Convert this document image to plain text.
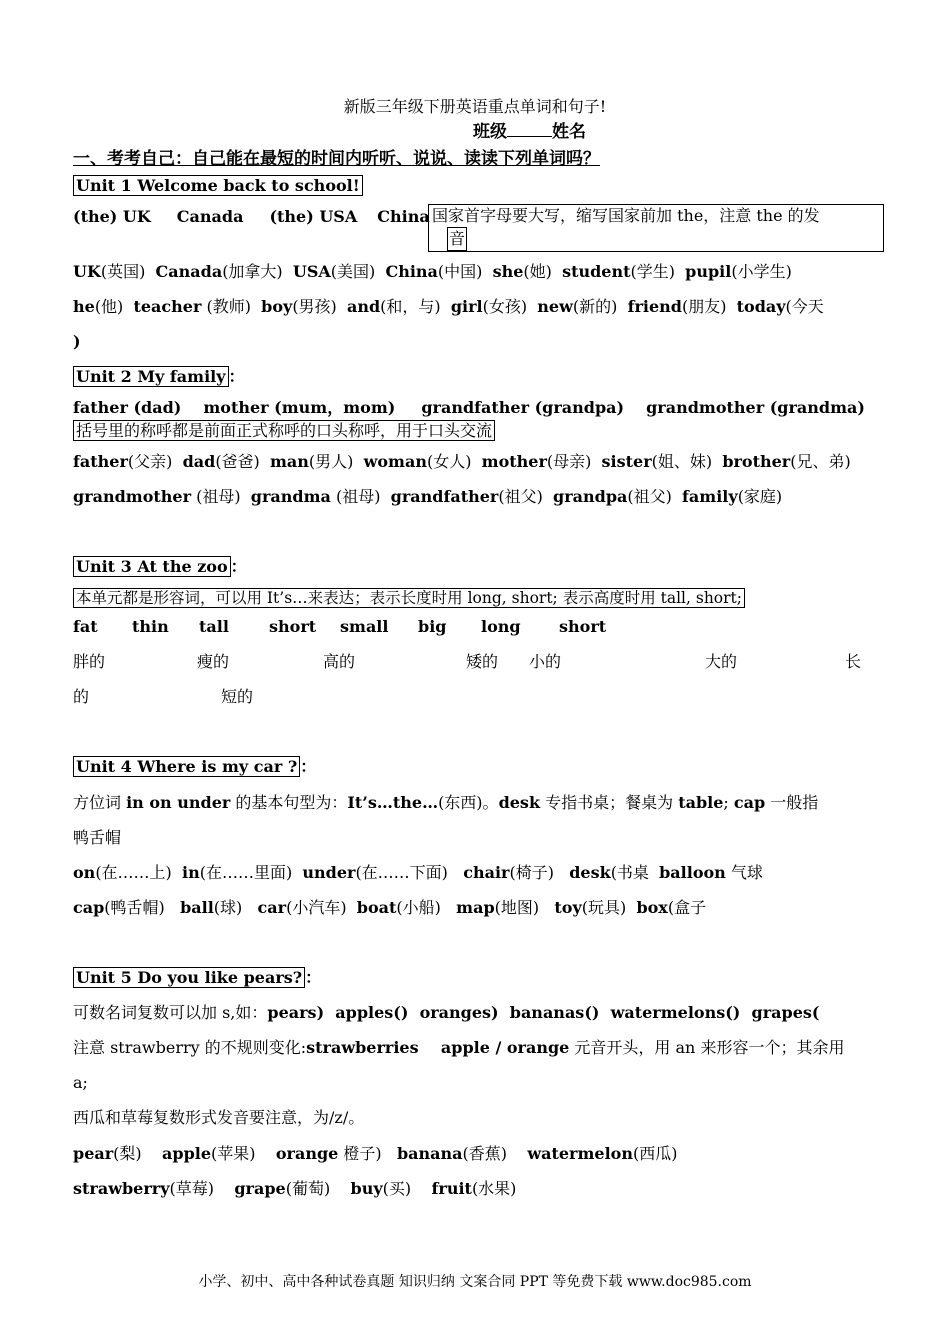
新版三年级下册英语重点单词和句子!
班级	姓名
一、考考自己：自己能在最短的时间内听听、说说、读读下列单词吗？
Unit 1 Welcome back to school!
(the) UK Canada (the) USA China 国家首字母要大写，缩写国家前加 the，注意 the 的发
音
UK(英国) Canada(加拿大) USA(美国) China(中国) she(她) student(学生) pupil(小学生)
he(他) teacher (教师) boy(男孩) and(和，与) girl(女孩) new(新的) friend(朋友) today(今天
)
Unit 2 My family ：
father (dad) mother (mum，mom) grandfather (grandpa) grandmother (grandma)
括号里的称呼都是前面正式称呼的口头称呼，用于口头交流
father(父亲) dad(爸爸) man(男人) woman(女人) mother(母亲) sister(姐、妹) brother(兄、弟)
grandmother (祖母) grandma (祖母) grandfather(祖父) grandpa(祖父) family(家庭)
Unit 3 At the zoo ：
本单元都是形容词，可以用 It’s…来表达；表示长度时用 long, short; 表示高度时用 tall, short;
fat thin tall	short small big long short
胖的	瘦的	高的	矮的 小的	大的	长
的	短的
Unit 4 Where is my car ? ：
方位词 in on under 的基本句型为：It’s…the…(东西)。desk 专指书桌；餐桌为 table; cap 一般指
鸭舌帽
on(在……上) in(在……里面) under(在……下面) chair(椅子) desk(书桌 balloon 气球
cap(鸭舌帽) ball(球) car(小汽车) boat(小船) map(地图) toy(玩具) box(盒子
Unit 5 Do you like pears? ：
可数名词复数可以加 s,如：pears)  apples()  oranges)  bananas()  watermelons()  grapes(
注意 strawberry 的不规则变化:strawberries    apple / orange 元音开头，用 an 来形容一个；其余用
a;
西瓜和草莓复数形式发音要注意，为/z/。
pear(梨) apple(苹果) orange 橙子) banana(香蕉) watermelon(西瓜)
strawberry(草莓) grape(葡萄) buy(买) fruit(水果)
小学、初中、高中各种试卷真题 知识归纳 文案合同 PPT 等免费下载 www.doc985.com
